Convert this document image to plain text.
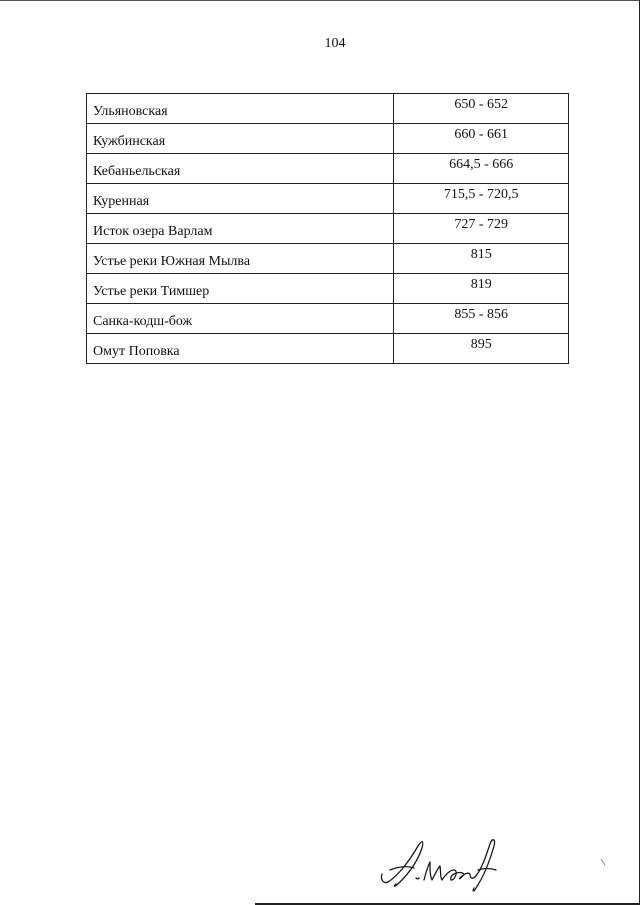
104
Ульяновская	650 - 652
Кужбинская	660 - 661
Кебаньельская	664,5 - 666
Куренная	715,5 - 720,5
Исток озера Варлам	727 - 729
Устье реки Южная Мылва	815
Устье реки Тимшер	819
Санка-кодш-бож	855 - 856
Омут Поповка	895
